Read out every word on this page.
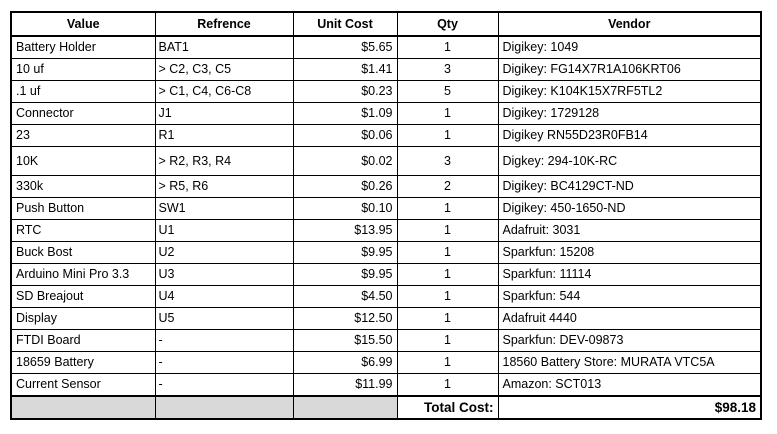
Value	Refrence	Unit Cost	Qty	Vendor
Battery Holder	BAT1	$5.65	1	Digikey: 1049
10 uf	> C2, C3, C5	$1.41	3	Digikey: FG14X7R1A106KRT06
.1 uf	> C1, C4, C6-C8	$0.23	5	Digikey: K104K15X7RF5TL2
Connector	J1	$1.09	1	Digikey: 1729128
23	R1	$0.06	1	Digikey RN55D23R0FB14
10K	> R2, R3, R4	$0.02	3	Digkey: 294-10K-RC
330k	> R5, R6	$0.26	2	Digikey: BC4129CT-ND
Push Button	SW1	$0.10	1	Digikey: 450-1650-ND
RTC	U1	$13.95	1	Adafruit: 3031
Buck Bost	U2	$9.95	1	Sparkfun: 15208
Arduino Mini Pro 3.3	U3	$9.95	1	Sparkfun: 11114
SD Breajout	U4	$4.50	1	Sparkfun: 544
Display	U5	$12.50	1	Adafruit 4440
FTDI Board	-	$15.50	1	Sparkfun: DEV-09873
18659 Battery	-	$6.99	1	18560 Battery Store: MURATA VTC5A
Current Sensor	-	$11.99	1	Amazon: SCT013
			Total Cost:	$98.18
